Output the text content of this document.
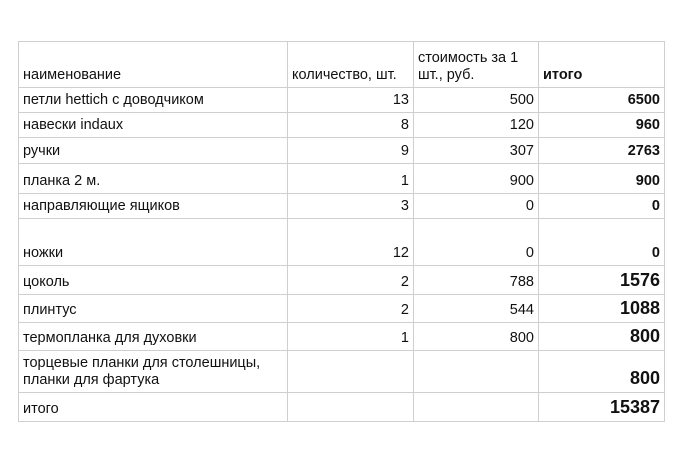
наименование	количество, шт.	стоимость за 1 шт., руб.	итого
петли hettich с доводчиком	13	500	6500
навески indaux	8	120	960
ручки	9	307	2763
планка 2 м.	1	900	900
направляющие ящиков	3	0	0
ножки	12	0	0
цоколь	2	788	1576
плинтус	2	544	1088
термопланка для духовки	1	800	800
торцевые планки для столешницы, планки для фартука			800
итого			15387
